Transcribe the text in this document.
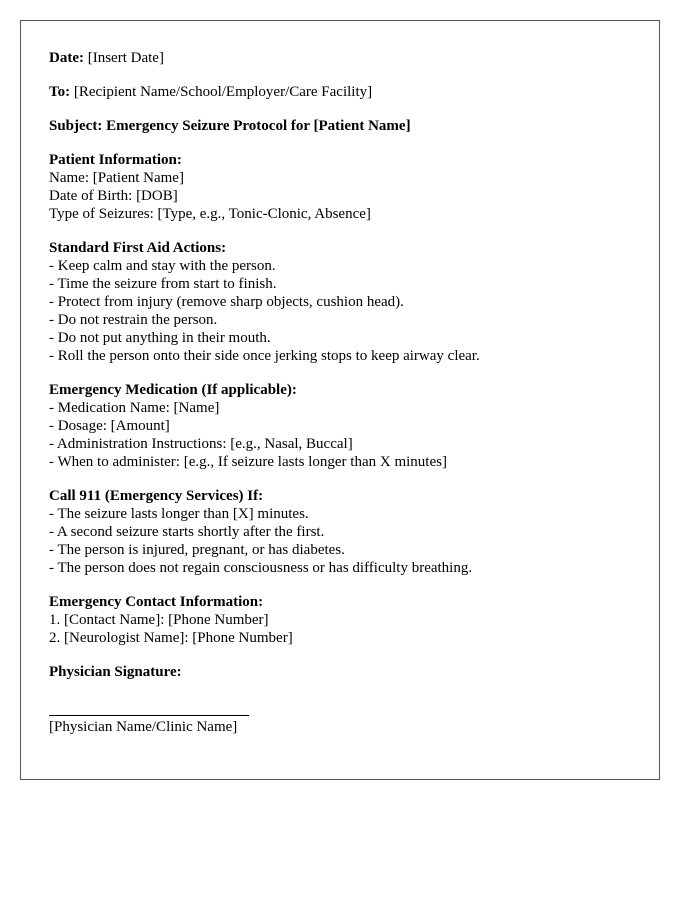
Date: [Insert Date]
To: [Recipient Name/School/Employer/Care Facility]
Subject: Emergency Seizure Protocol for [Patient Name]
Patient Information:
Name: [Patient Name]
Date of Birth: [DOB]
Type of Seizures: [Type, e.g., Tonic-Clonic, Absence]
Standard First Aid Actions:
- Keep calm and stay with the person.
- Time the seizure from start to finish.
- Protect from injury (remove sharp objects, cushion head).
- Do not restrain the person.
- Do not put anything in their mouth.
- Roll the person onto their side once jerking stops to keep airway clear.
Emergency Medication (If applicable):
- Medication Name: [Name]
- Dosage: [Amount]
- Administration Instructions: [e.g., Nasal, Buccal]
- When to administer: [e.g., If seizure lasts longer than X minutes]
Call 911 (Emergency Services) If:
- The seizure lasts longer than [X] minutes.
- A second seizure starts shortly after the first.
- The person is injured, pregnant, or has diabetes.
- The person does not regain consciousness or has difficulty breathing.
Emergency Contact Information:
1. [Contact Name]: [Phone Number]
2. [Neurologist Name]: [Phone Number]
Physician Signature:
[Physician Name/Clinic Name]
